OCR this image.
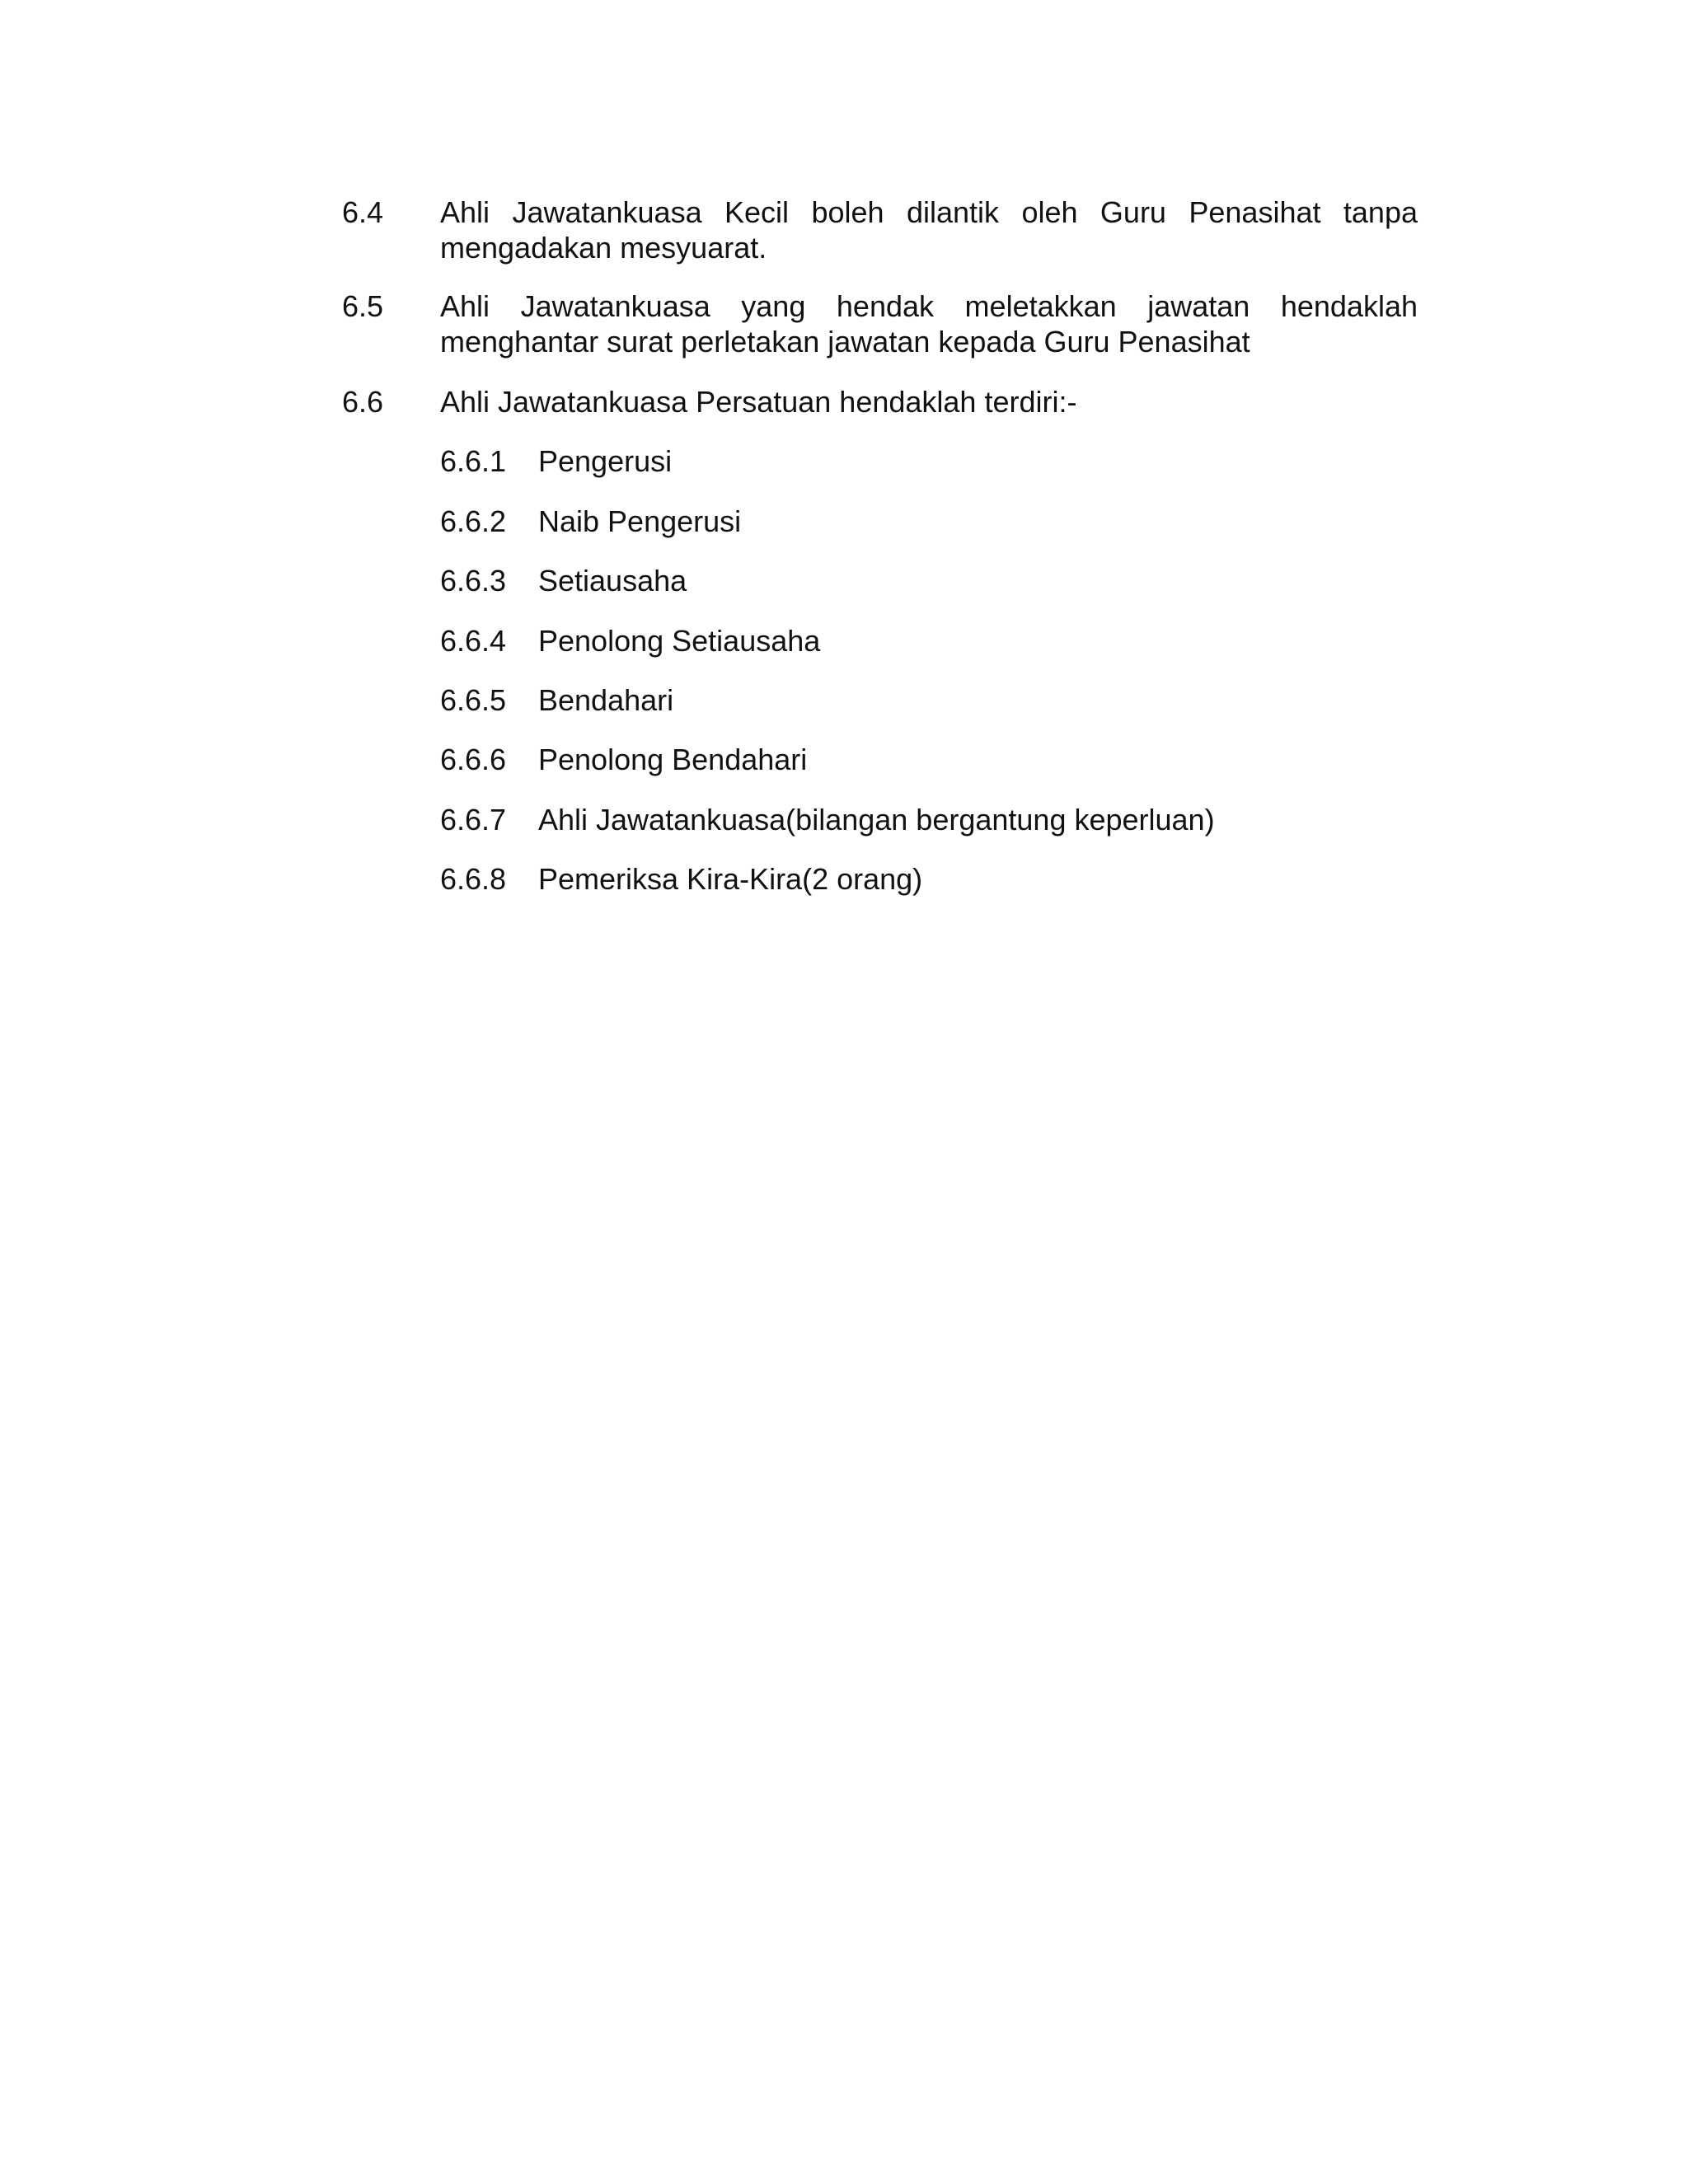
6.4	Ahli Jawatankuasa Kecil boleh dilantik oleh Guru Penasihat tanpa mengadakan mesyuarat.
6.5	Ahli Jawatankuasa yang hendak meletakkan jawatan hendaklah menghantar surat perletakan jawatan kepada Guru Penasihat
6.6	Ahli Jawatankuasa Persatuan hendaklah terdiri:-
6.6.1	Pengerusi
6.6.2	Naib Pengerusi
6.6.3	Setiausaha
6.6.4	Penolong Setiausaha
6.6.5	Bendahari
6.6.6	Penolong Bendahari
6.6.7	Ahli Jawatankuasa(bilangan bergantung keperluan)
6.6.8	Pemeriksa Kira-Kira(2 orang)
